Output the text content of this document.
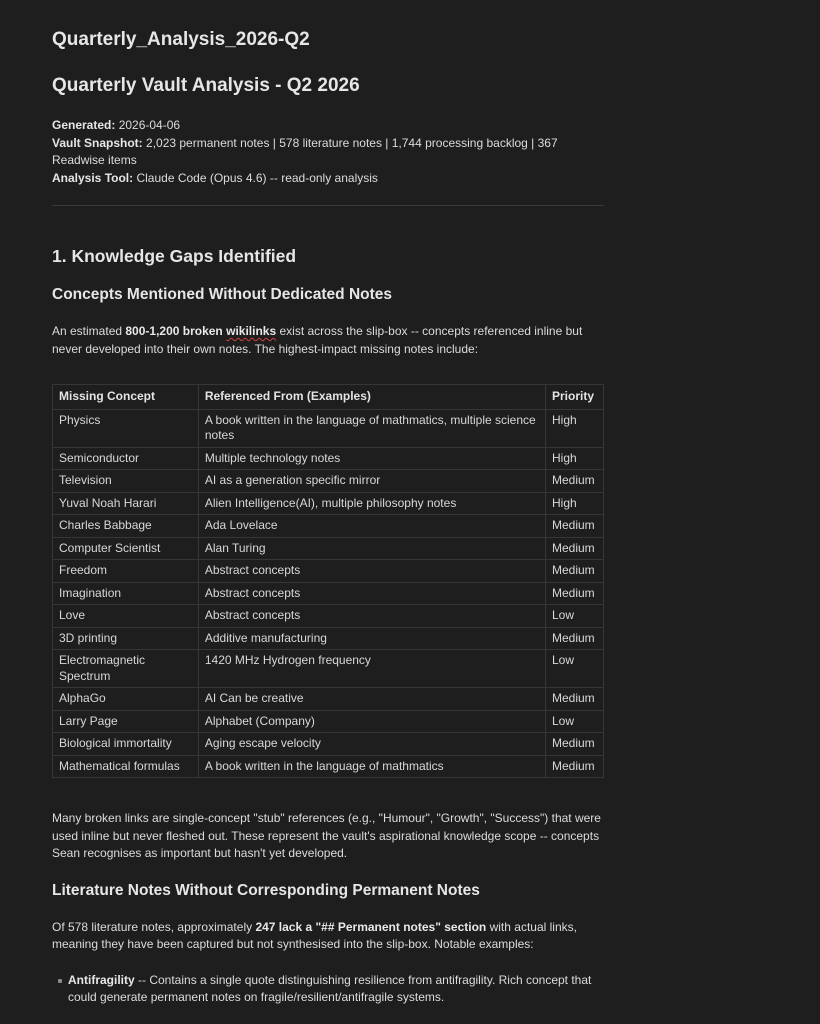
Quarterly_Analysis_2026-Q2
Quarterly Vault Analysis - Q2 2026
Generated: 2026-04-06
Vault Snapshot: 2,023 permanent notes | 578 literature notes | 1,744 processing backlog | 367 Readwise items
Analysis Tool: Claude Code (Opus 4.6) -- read-only analysis
1. Knowledge Gaps Identified
Concepts Mentioned Without Dedicated Notes

An estimated 800-1,200 broken wikilinks exist across the slip-box -- concepts referenced inline but never developed into their own notes. The highest-impact missing notes include:

Missing Concept	Referenced From (Examples)	Priority
Physics	A book written in the language of mathmatics, multiple science notes	High
Semiconductor	Multiple technology notes	High
Television	AI as a generation specific mirror	Medium
Yuval Noah Harari	Alien Intelligence(AI), multiple philosophy notes	High
Charles Babbage	Ada Lovelace	Medium
Computer Scientist	Alan Turing	Medium
Freedom	Abstract concepts	Medium
Imagination	Abstract concepts	Medium
Love	Abstract concepts	Low
3D printing	Additive manufacturing	Medium
Electromagnetic Spectrum	1420 MHz Hydrogen frequency	Low
AlphaGo	AI Can be creative	Medium
Larry Page	Alphabet (Company)	Low
Biological immortality	Aging escape velocity	Medium
Mathematical formulas	A book written in the language of mathmatics	Medium

Many broken links are single-concept "stub" references (e.g., "Humour", "Growth", "Success") that were used inline but never fleshed out. These represent the vault's aspirational knowledge scope -- concepts Sean recognises as important but hasn't yet developed.

Literature Notes Without Corresponding Permanent Notes

Of 578 literature notes, approximately 247 lack a "## Permanent notes" section with actual links, meaning they have been captured but not synthesised into the slip-box. Notable examples:

Antifragility -- Contains a single quote distinguishing resilience from antifragility. Rich concept that could generate permanent notes on fragile/resilient/antifragile systems.
